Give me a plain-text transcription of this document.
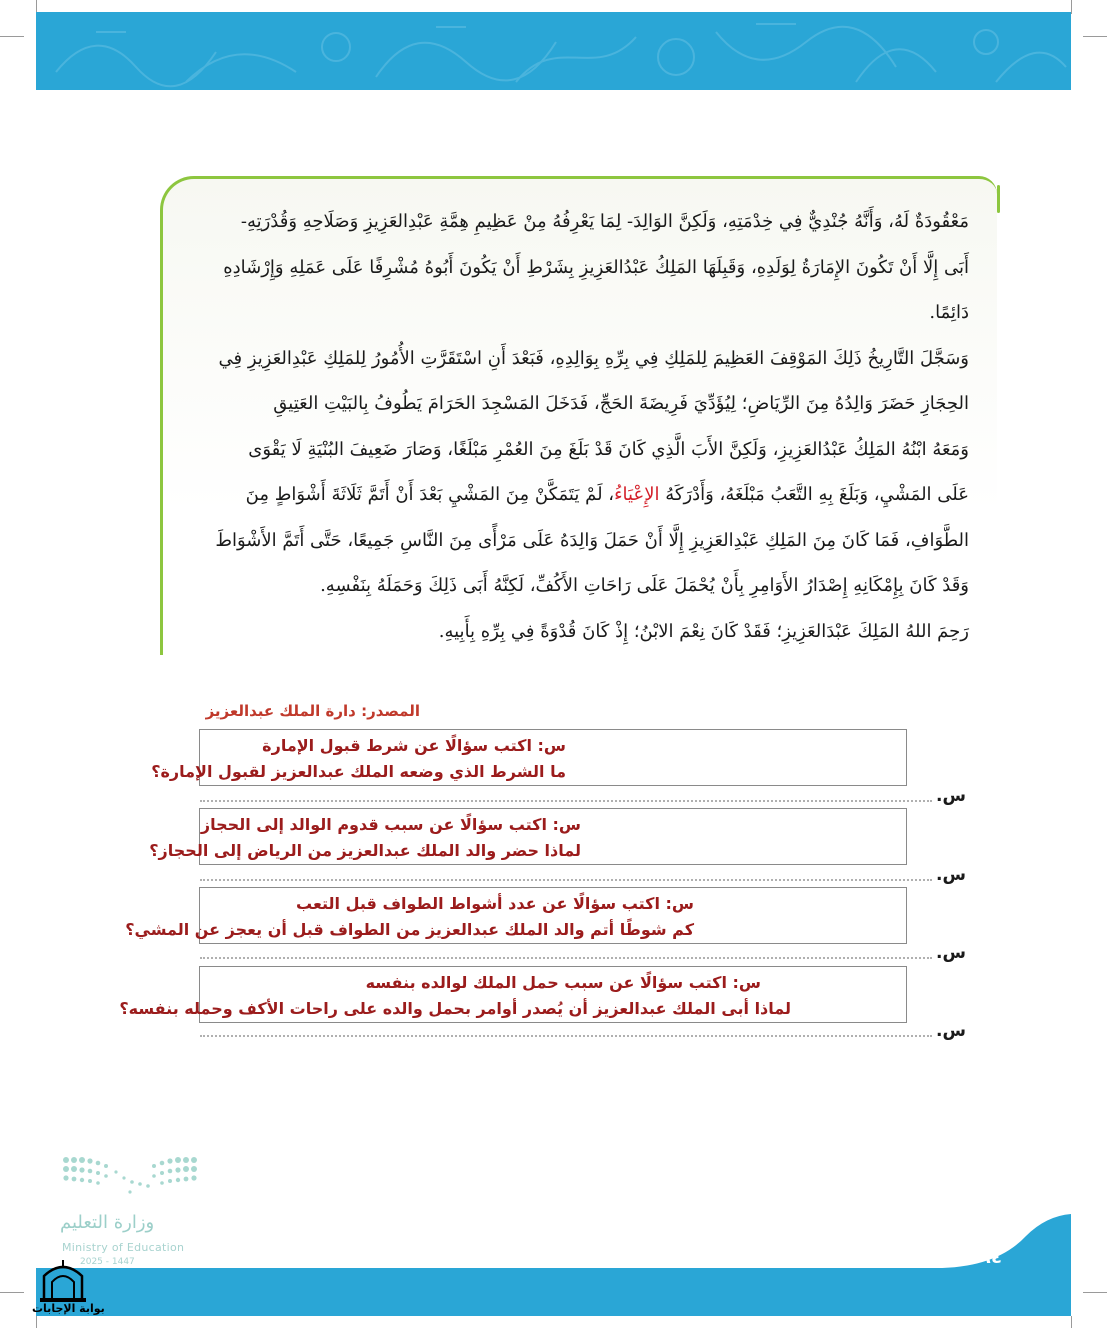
مَعْقُودَةٌ لَهُ، وَأَنَّهُ جُنْدِيٌّ فِي خِدْمَتِهِ، وَلَكِنَّ الوَالِدَ- لِمَا يَعْرِفُهُ مِنْ عَظِيمِ هِمَّةِ عَبْدِالعَزِيزِ وَصَلَاحِهِ وَقُدْرَتِهِ-

أَبَى إِلَّا أَنْ تَكُونَ الإِمَارَةُ لِوَلَدِهِ، وَقَبِلَهَا المَلِكُ عَبْدُالعَزِيزِ بِشَرْطِ أَنْ يَكُونَ أَبُوهُ مُشْرِفًا عَلَى عَمَلِهِ وَإِرْشَادِهِ

دَائِمًا.

وَسَجَّلَ التَّارِيخُ ذَلِكَ المَوْقِفَ العَظِيمَ لِلمَلِكِ فِي بِرِّهِ بِوَالِدِهِ، فَبَعْدَ أَنِ اسْتَقَرَّتِ الأُمُورُ لِلمَلِكِ عَبْدِالعَزِيزِ فِي

الحِجَازِ حَضَرَ وَالِدُهُ مِنَ الرِّيَاضِ؛ لِيُؤَدِّيَ فَرِيضَةَ الحَجِّ، فَدَخَلَ المَسْجِدَ الحَرَامَ يَطُوفُ بِالبَيْتِ العَتِيقِ

وَمَعَهُ ابْنُهُ المَلِكُ عَبْدُالعَزِيزِ، وَلَكِنَّ الأَبَ الَّذِي كَانَ قَدْ بَلَغَ مِنَ العُمْرِ مَبْلَغًا، وَصَارَ ضَعِيفَ البُنْيَةِ لَا يَقْوَى

عَلَى المَشْيِ، وَبَلَغَ بِهِ التَّعَبُ مَبْلَغَهُ، وَأَدْرَكَهُ الإِعْيَاءُ، لَمْ يَتَمَكَّنْ مِنَ المَشْيِ بَعْدَ أَنْ أَتَمَّ ثَلَاثَةَ أَشْوَاطٍ مِنَ

الطَّوَافِ، فَمَا كَانَ مِنَ المَلِكِ عَبْدِالعَزِيزِ إِلَّا أَنْ حَمَلَ وَالِدَهُ عَلَى مَرْأًى مِنَ النَّاسِ جَمِيعًا، حَتَّى أَتَمَّ الأَشْوَاطَ

وَقَدْ كَانَ بِإِمْكَانِهِ إِصْدَارُ الأَوَامِرِ بِأَنْ يُحْمَلَ عَلَى رَاحَاتِ الأَكُفِّ، لَكِنَّهُ أَبَى ذَلِكَ وَحَمَلَهُ بِنَفْسِهِ.

رَحِمَ اللهُ المَلِكَ عَبْدَالعَزِيزِ؛ فَقَدْ كَانَ نِعْمَ الابْنُ؛ إِذْ كَانَ قُدْوَةً فِي بِرِّهِ بِأَبِيهِ.

المصدر: دارة الملك عبدالعزيز
س: اكتب سؤالًا عن شرط قبول الإمارة
ما الشرط الذي وضعه الملك عبدالعزيز لقبول الإمارة؟
س.
س: اكتب سؤالًا عن سبب قدوم الوالد إلى الحجاز
لماذا حضر والد الملك عبدالعزيز من الرياض إلى الحجاز؟
س.
س: اكتب سؤالًا عن عدد أشواط الطواف قبل التعب
كم شوطًا أتم والد الملك عبدالعزيز من الطواف قبل أن يعجز عن المشي؟
س.
س: اكتب سؤالًا عن سبب حمل الملك لوالده بنفسه
لماذا أبى الملك عبدالعزيز أن يُصدر أوامر بحمل والده على راحات الأكف وحمله بنفسه؟
س.
وزارة التعليم
Ministry of Education
2025 - 1447	٦٤
بوابة الإجابات
